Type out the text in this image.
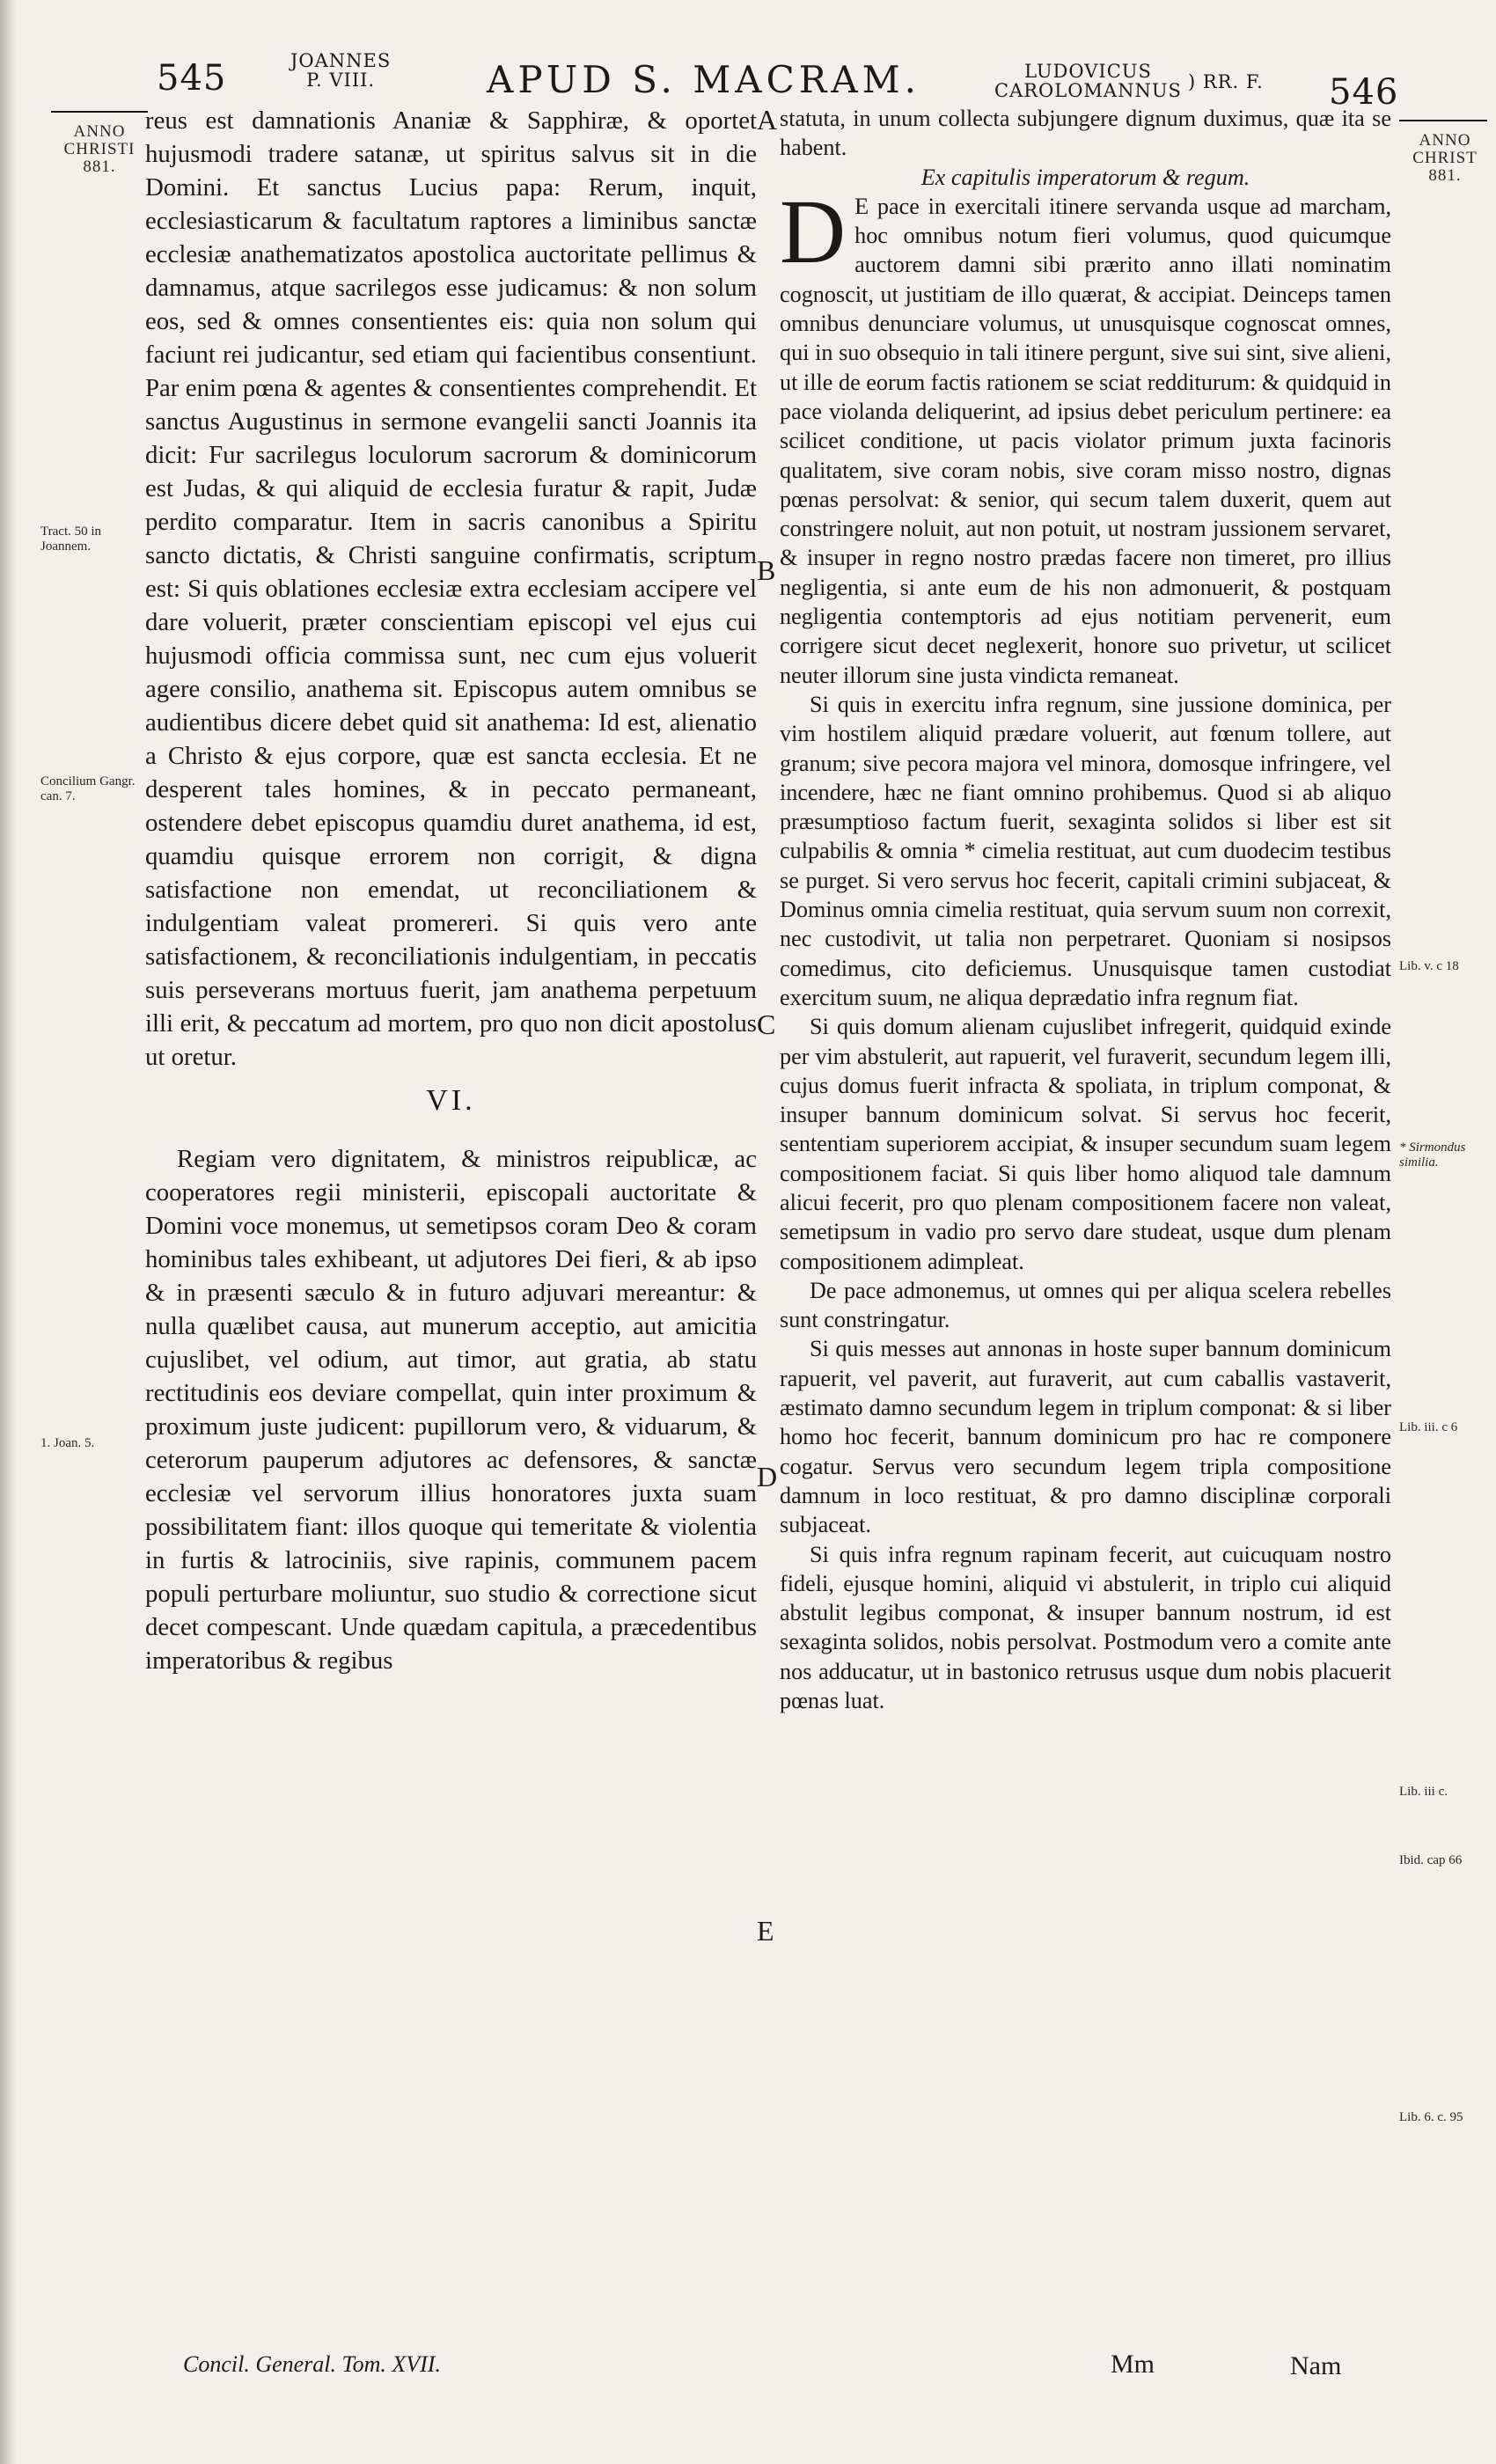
545	JOANNES
P. VIII.	APUD S. MACRAM.	LUDOVICUS
CAROLOMANNUS ) RR. F. 546
ANNO
CHRISTI
881.
ANNO
CHRIST
881.
Tract. 50 in Joannem.
Concilium Gangr. can. 7.
1. Joan. 5.
Lib. v. c 18
* Sirmondus similia.
Lib. iii. c 6
Lib. iii c.
Ibid. cap 66
Lib. 6. c. 95
A
B
C
D
E

reus est damnationis Ananiæ & Sapphiræ, & oportet hujusmodi tradere satanæ, ut spiritus salvus sit in die Domini. Et sanctus Lucius papa: Rerum, inquit, ecclesiasticarum & facultatum raptores a liminibus sanctæ ecclesiæ anathematizatos apostolica auctoritate pellimus & damnamus, atque sacrilegos esse judicamus: & non solum eos, sed & omnes consentientes eis: quia non solum qui faciunt rei judicantur, sed etiam qui facientibus consentiunt. Par enim pœna & agentes & consentientes comprehendit. Et sanctus Augustinus in sermone evangelii sancti Joannis ita dicit: Fur sacrilegus loculorum sacrorum & dominicorum est Judas, & qui aliquid de ecclesia furatur & rapit, Judæ perdito comparatur. Item in sacris canonibus a Spiritu sancto dictatis, & Christi sanguine confirmatis, scriptum est: Si quis oblationes ecclesiæ extra ecclesiam accipere vel dare voluerit, præter conscientiam episcopi vel ejus cui hujusmodi officia commissa sunt, nec cum ejus voluerit agere consilio, anathema sit. Episcopus autem omnibus se audientibus dicere debet quid sit anathema: Id est, alienatio a Christo & ejus corpore, quæ est sancta ecclesia. Et ne desperent tales homines, & in peccato permaneant, ostendere debet episcopus quamdiu duret anathema, id est, quamdiu quisque errorem non corrigit, & digna satisfactione non emendat, ut reconciliationem & indulgentiam valeat promereri. Si quis vero ante satisfactionem, & reconciliationis indulgentiam, in peccatis suis perseverans mortuus fuerit, jam anathema perpetuum illi erit, & peccatum ad mortem, pro quo non dicit apostolus ut oretur.

VI.

Regiam vero dignitatem, & ministros reipublicæ, ac cooperatores regii ministerii, episcopali auctoritate & Domini voce monemus, ut semetipsos coram Deo & coram hominibus tales exhibeant, ut adjutores Dei fieri, & ab ipso & in præsenti sæculo & in futuro adjuvari mereantur: & nulla quælibet causa, aut munerum acceptio, aut amicitia cujuslibet, vel odium, aut timor, aut gratia, ab statu rectitudinis eos deviare compellat, quin inter proximum & proximum juste judicent: pupillorum vero, & viduarum, & ceterorum pauperum adjutores ac defensores, & sanctæ ecclesiæ vel servorum illius honoratores juxta suam possibilitatem fiant: illos quoque qui temeritate & violentia in furtis & latrociniis, sive rapinis, communem pacem populi perturbare moliuntur, suo studio & correctione sicut decet compescant. Unde quædam capitula, a præcedentibus imperatoribus & regibus

statuta, in unum collecta subjungere dignum duximus, quæ ita se habent.

Ex capitulis imperatorum & regum.

D E pace in exercitali itinere servanda usque ad marcham, hoc omnibus notum fieri volumus, quod quicumque auctorem damni sibi prærito anno illati nominatim cognoscit, ut justitiam de illo quærat, & accipiat. Deinceps tamen omnibus denunciare volumus, ut unusquisque cognoscat omnes, qui in suo obsequio in tali itinere pergunt, sive sui sint, sive alieni, ut ille de eorum factis rationem se sciat redditurum: & quidquid in pace violanda deliquerint, ad ipsius debet periculum pertinere: ea scilicet conditione, ut pacis violator primum juxta facinoris qualitatem, sive coram nobis, sive coram misso nostro, dignas pœnas persolvat: & senior, qui secum talem duxerit, quem aut constringere noluit, aut non potuit, ut nostram jussionem servaret, & insuper in regno nostro prædas facere non timeret, pro illius negligentia, si ante eum de his non admonuerit, & postquam negligentia contemptoris ad ejus notitiam pervenerit, eum corrigere sicut decet neglexerit, honore suo privetur, ut scilicet neuter illorum sine justa vindicta remaneat.

Si quis in exercitu infra regnum, sine jussione dominica, per vim hostilem aliquid prædare voluerit, aut fœnum tollere, aut granum; sive pecora majora vel minora, domosque infringere, vel incendere, hæc ne fiant omnino prohibemus. Quod si ab aliquo præsumptioso factum fuerit, sexaginta solidos si liber est sit culpabilis & omnia * cimelia restituat, aut cum duodecim testibus se purget. Si vero servus hoc fecerit, capitali crimini subjaceat, & Dominus omnia cimelia restituat, quia servum suum non correxit, nec custodivit, ut talia non perpetraret. Quoniam si nosipsos comedimus, cito deficiemus. Unusquisque tamen custodiat exercitum suum, ne aliqua deprædatio infra regnum fiat.

Si quis domum alienam cujuslibet infregerit, quidquid exinde per vim abstulerit, aut rapuerit, vel furaverit, secundum legem illi, cujus domus fuerit infracta & spoliata, in triplum componat, & insuper bannum dominicum solvat. Si servus hoc fecerit, sententiam superiorem accipiat, & insuper secundum suam legem compositionem faciat. Si quis liber homo aliquod tale damnum alicui fecerit, pro quo plenam compositionem facere non valeat, semetipsum in vadio pro servo dare studeat, usque dum plenam compositionem adimpleat.

De pace admonemus, ut omnes qui per aliqua scelera rebelles sunt constringatur.

Si quis messes aut annonas in hoste super bannum dominicum rapuerit, vel paverit, aut furaverit, aut cum caballis vastaverit, æstimato damno secundum legem in triplum componat: & si liber homo hoc fecerit, bannum dominicum pro hac re componere cogatur. Servus vero secundum legem tripla compositione damnum in loco restituat, & pro damno disciplinæ corporali subjaceat.

Si quis infra regnum rapinam fecerit, aut cuicuquam nostro fideli, ejusque homini, aliquid vi abstulerit, in triplo cui aliquid abstulit legibus componat, & insuper bannum nostrum, id est sexaginta solidos, nobis persolvat. Postmodum vero a comite ante nos adducatur, ut in bastonico retrusus usque dum nobis placuerit pœnas luat.

Concil. General. Tom. XVII.	Mm	Nam
